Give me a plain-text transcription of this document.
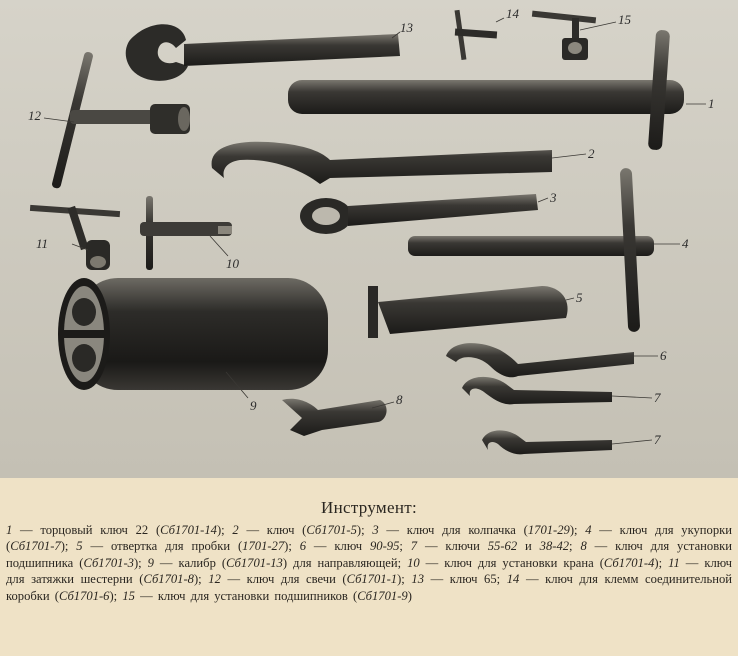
1
2
3
4
5
6
7
7
8
9
10
11
12
13
14	15
Инструмент:
1 — торцовый ключ 22 (Сб1701-14); 2 — ключ (Сб1701-5); 3 — ключ для колпачка (1701-29); 4 — ключ для укупорки (Сб1701-7); 5 — отвертка для пробки (1701-27); 6 — ключ 90-95; 7 — ключи 55-62 и 38-42; 8 — ключ для установки подшипника (Сб1701-3); 9 — калибр (Сб1701-13) для направляющей; 10 — ключ для установки крана (Сб1701-4); 11 — ключ для затяжки шестерни (Сб1701-8); 12 — ключ для свечи (Сб1701-1); 13 — ключ 65; 14 — ключ для клемм соединительной коробки (Сб1701-6); 15 — ключ для установки подшипников (Сб1701-9)
